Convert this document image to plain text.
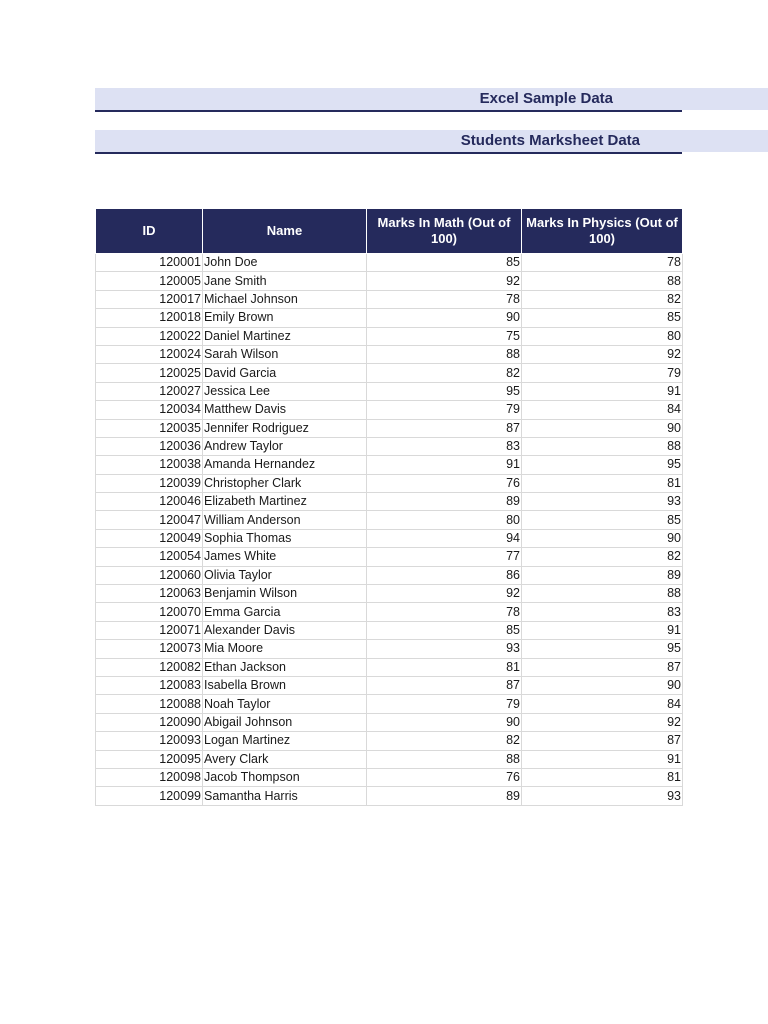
Excel Sample Data
Students Marksheet Data
ID	Name	Marks In Math (Out of 100)	Marks In Physics (Out of 100)
120001	John Doe	85	78
120005	Jane Smith	92	88
120017	Michael Johnson	78	82
120018	Emily Brown	90	85
120022	Daniel Martinez	75	80
120024	Sarah Wilson	88	92
120025	David Garcia	82	79
120027	Jessica Lee	95	91
120034	Matthew Davis	79	84
120035	Jennifer Rodriguez	87	90
120036	Andrew Taylor	83	88
120038	Amanda Hernandez	91	95
120039	Christopher Clark	76	81
120046	Elizabeth Martinez	89	93
120047	William Anderson	80	85
120049	Sophia Thomas	94	90
120054	James White	77	82
120060	Olivia Taylor	86	89
120063	Benjamin Wilson	92	88
120070	Emma Garcia	78	83
120071	Alexander Davis	85	91
120073	Mia Moore	93	95
120082	Ethan Jackson	81	87
120083	Isabella Brown	87	90
120088	Noah Taylor	79	84
120090	Abigail Johnson	90	92
120093	Logan Martinez	82	87
120095	Avery Clark	88	91
120098	Jacob Thompson	76	81
120099	Samantha Harris	89	93
